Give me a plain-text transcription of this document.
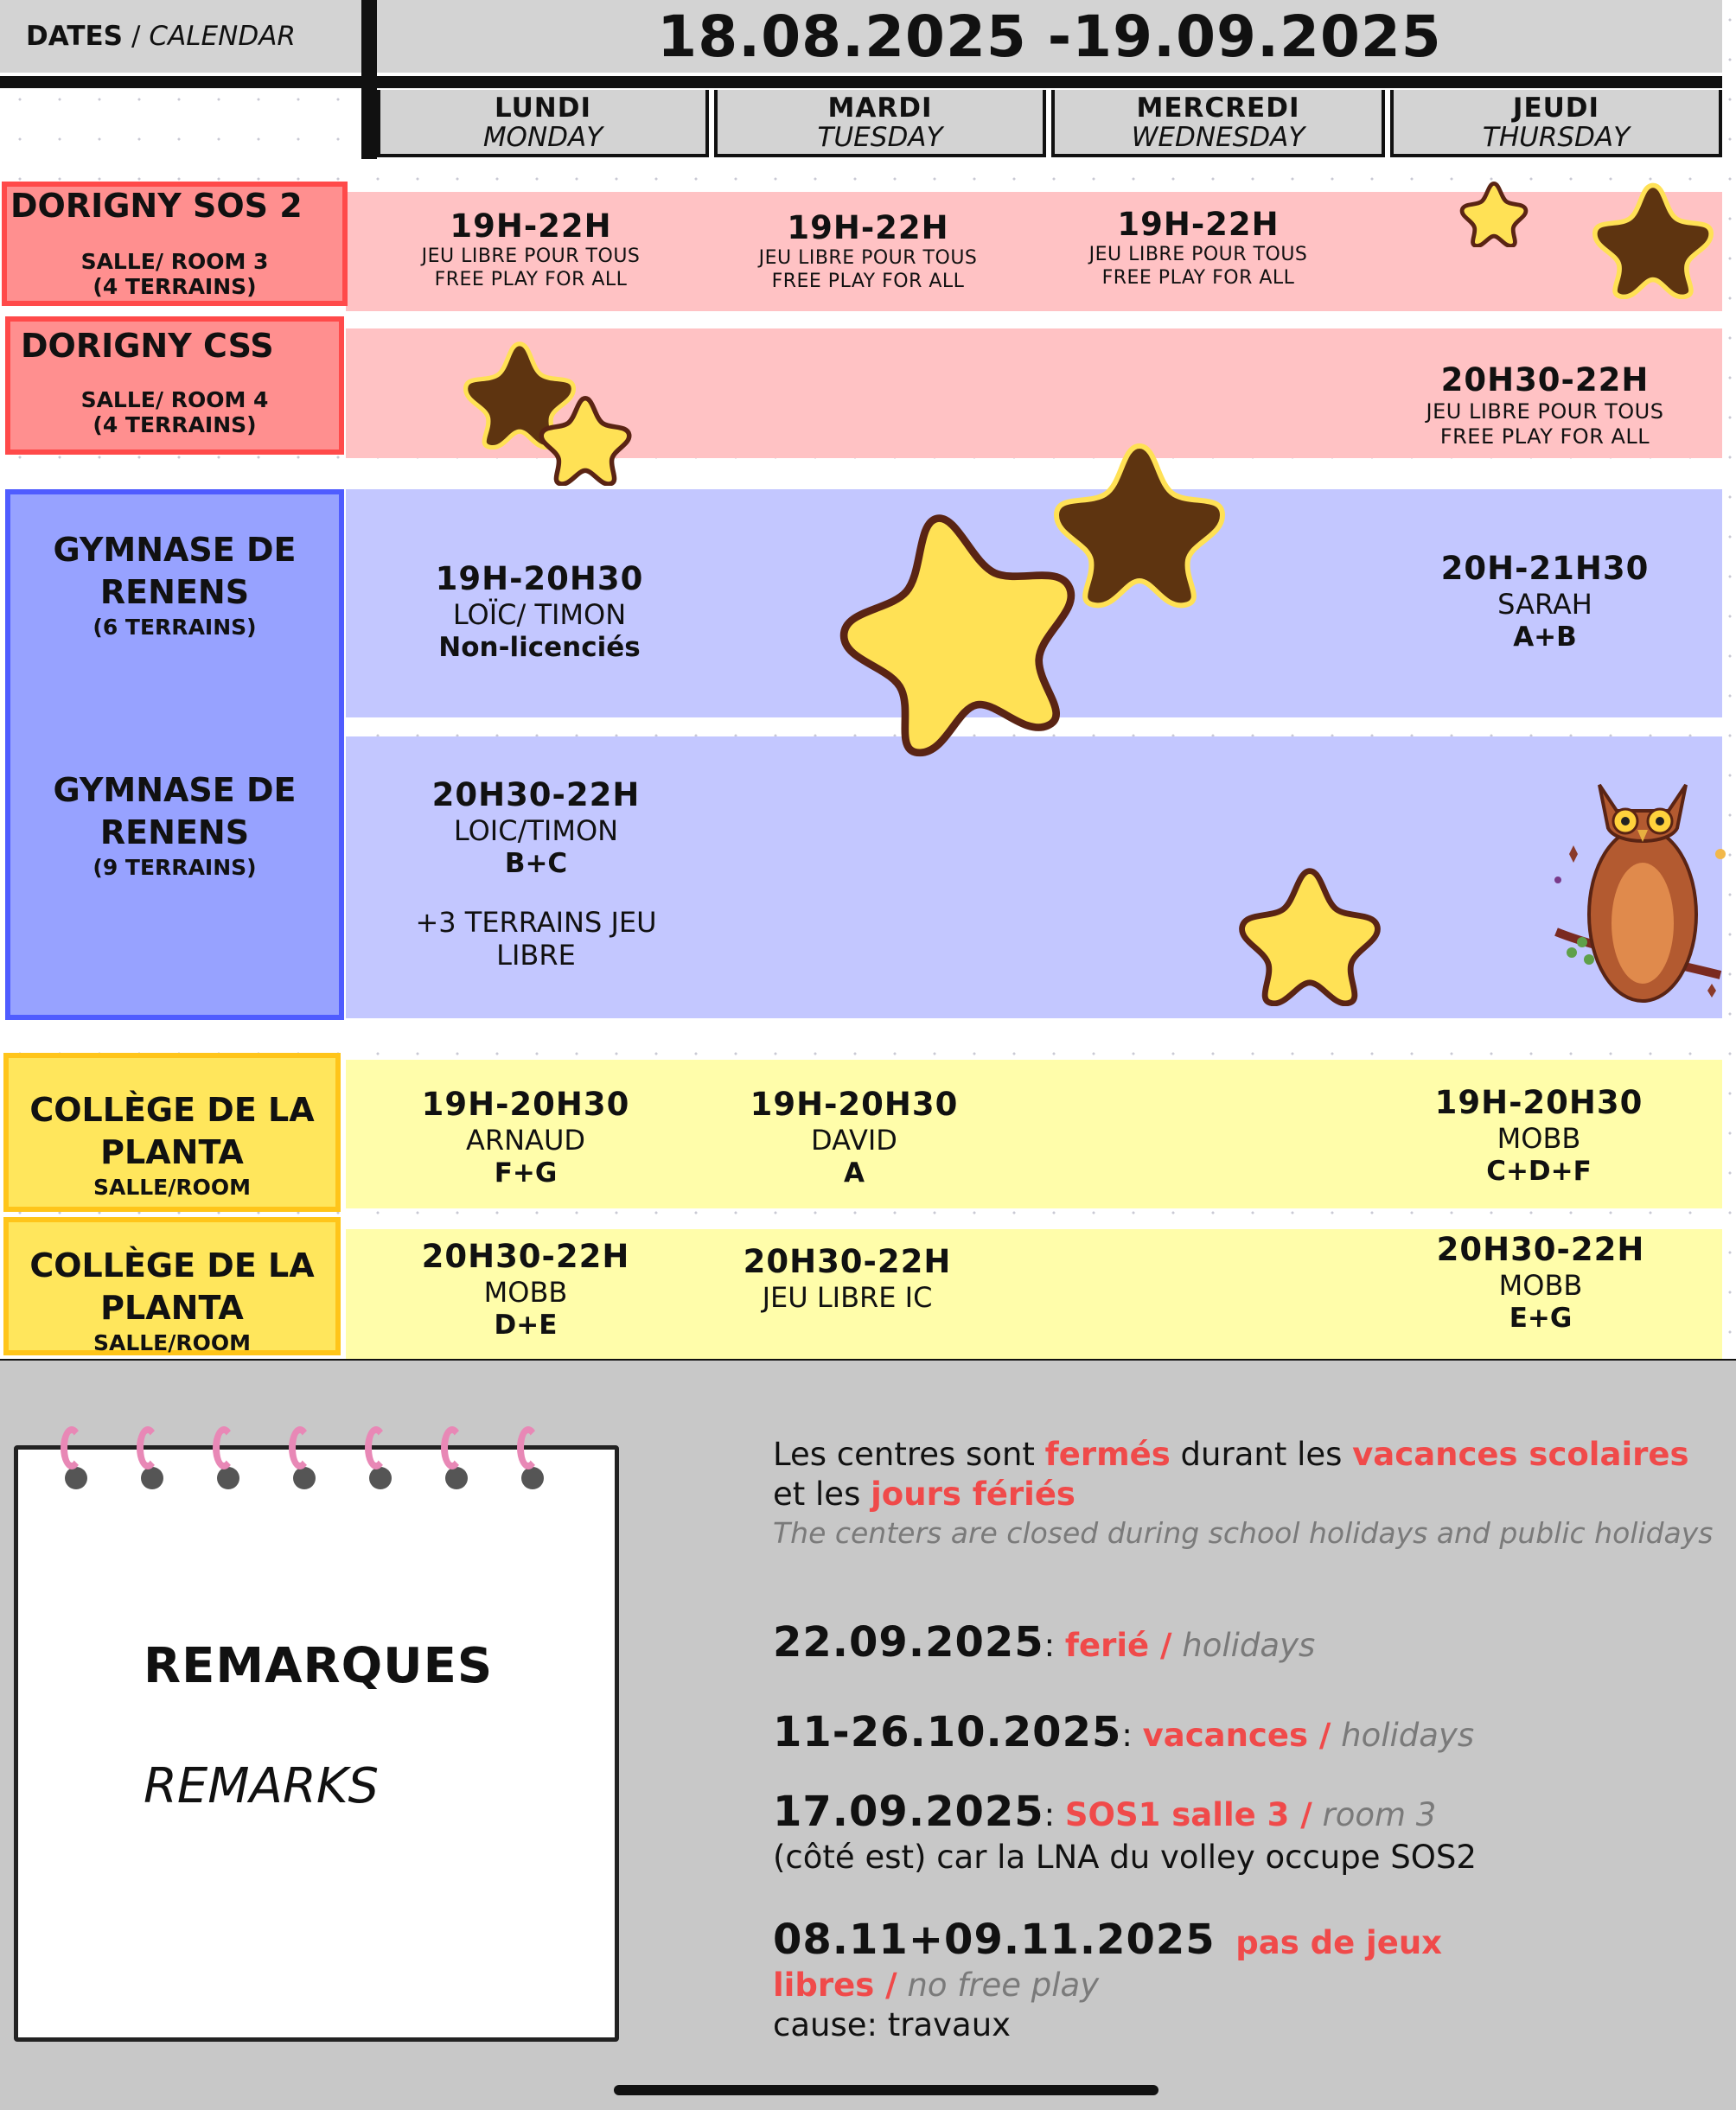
DATES / CALENDAR	18.08.2025 -19.09.2025
LUNDI
MONDAY
MARDI
TUESDAY
MERCREDI
WEDNESDAY
JEUDI
THURSDAY
DORIGNY SOS 2
SALLE/ ROOM 3
(4 TERRAINS)
DORIGNY CSS
SALLE/ ROOM 4
(4 TERRAINS)
GYMNASE DE RENENS
(6 TERRAINS)
GYMNASE DE RENENS
(9 TERRAINS)
COLLÈGE DE LA PLANTA
SALLE/ROOM
COLLÈGE DE LA PLANTA
SALLE/ROOM
19H-22H
JEU LIBRE POUR TOUS
FREE PLAY FOR ALL
19H-22H
JEU LIBRE POUR TOUS
FREE PLAY FOR ALL
19H-22H
JEU LIBRE POUR TOUS
FREE PLAY FOR ALL
20H30-22H
JEU LIBRE POUR TOUS
FREE PLAY FOR ALL
19H-20H30
LOÏC/ TIMON
Non-licenciés
20H-21H30
SARAH
A+B
20H30-22H
LOIC/TIMON
B+C
+3 TERRAINS JEU LIBRE
19H-20H30
ARNAUD
F+G
19H-20H30
DAVID
A
19H-20H30
MOBB
C+D+F
20H30-22H
MOBB
D+E
20H30-22H
JEU LIBRE IC
20H30-22H
MOBB
E+G
REMARQUES
REMARKS
Les centres sont fermés durant les vacances scolaires et les jours fériés
The centers are closed during school holidays and public holidays
22.09.2025: ferié / holidays
11-26.10.2025: vacances / holidays
17.09.2025: SOS1 salle 3 / room 3
(côté est) car la LNA du volley occupe SOS2
08.11+09.11.2025 pas de jeux libres / no free play
cause: travaux
